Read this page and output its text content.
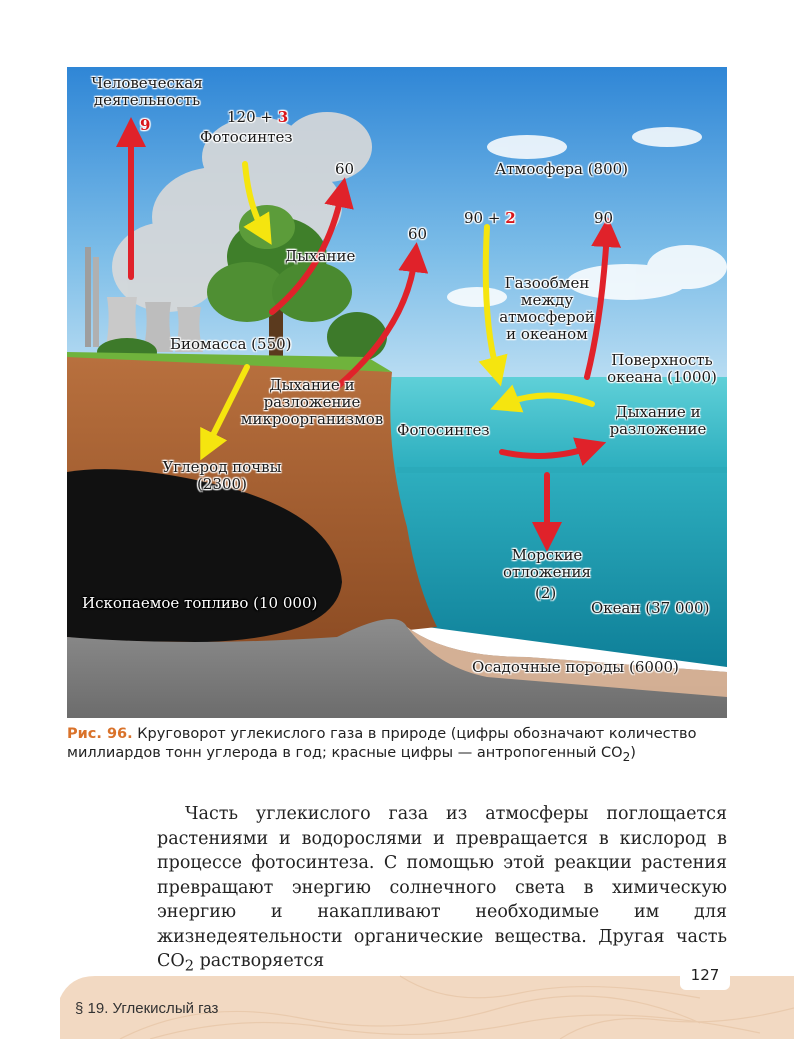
Человеческая деятельность
9	120 + 3
Фотосинтез
60
Дыхание
60
Биомасса (550)
Дыхание и разложение микроорганизмов
Углерод почвы (2300)
Ископаемое топливо (10 000)
Атмосфера (800)
90 + 2	90
Газообмен между атмосферой и океаном
Поверхность океана (1000)
Фотосинтез
Дыхание и разложение
Морские отложения
(2)
Океан (37 000)
Осадочные породы (6000)
Рис. 96. Круговорот углекислого газа в природе (цифры обозначают количество миллиардов тонн углерода в год; красные цифры — антропогенный $CO_2$)

Часть углекислого газа из атмосферы поглощается растениями и водорослями и превращается в кислород в процессе фотосинтеза. С помощью этой реакции растения превращают энергию солнечного света в химическую энергию и накапливают необходимые им для жизнедеятельности органические вещества. Другая часть $CO_2$ растворяется

127
§ 19. Углекислый газ
